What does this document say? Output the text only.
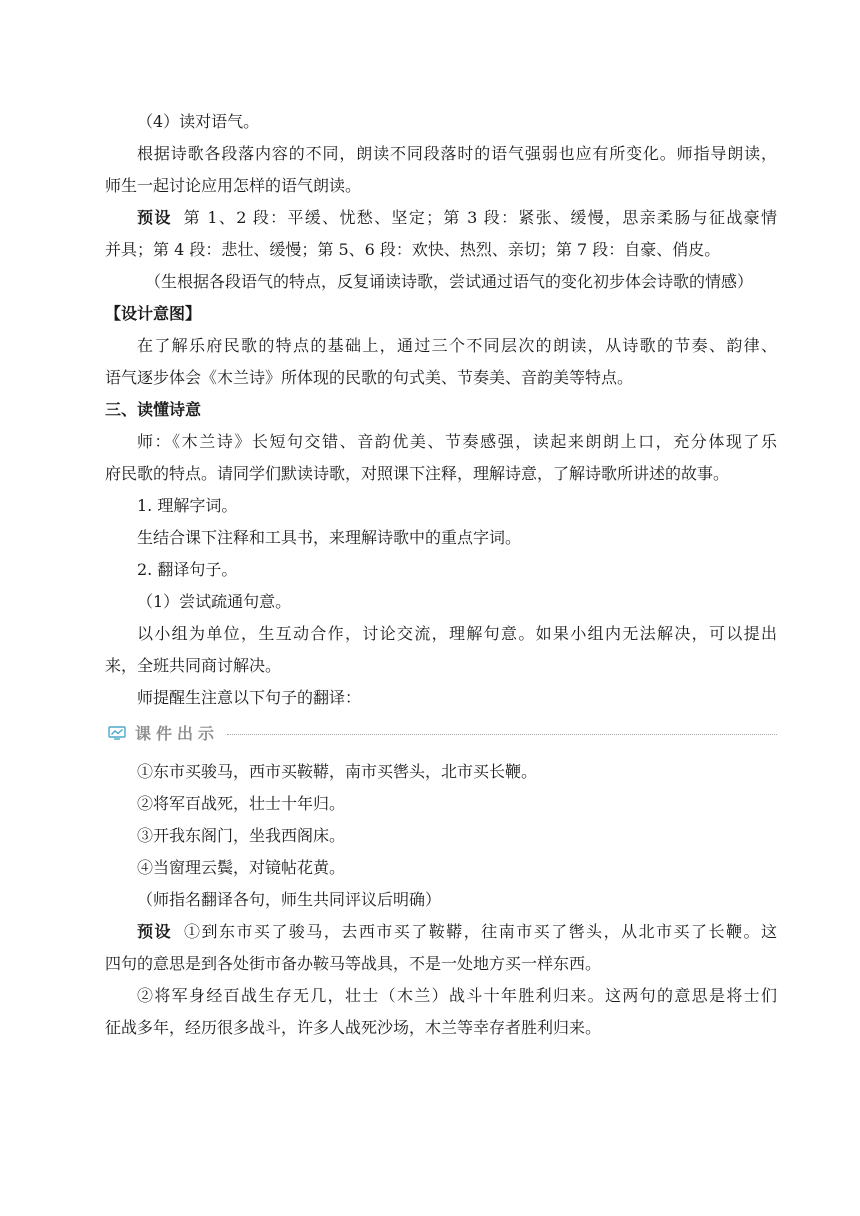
（4）读对语气。
根据诗歌各段落内容的不同，朗读不同段落时的语气强弱也应有所变化。师指导朗读，
师生一起讨论应用怎样的语气朗读。
预设 第 1、2 段：平缓、忧愁、坚定；第 3 段：紧张、缓慢，思亲柔肠与征战豪情
并具；第 4 段：悲壮、缓慢；第 5、6 段：欢快、热烈、亲切；第 7 段：自豪、俏皮。
（生根据各段语气的特点，反复诵读诗歌，尝试通过语气的变化初步体会诗歌的情感）
【设计意图】
在了解乐府民歌的特点的基础上，通过三个不同层次的朗读，从诗歌的节奏、韵律、
语气逐步体会《木兰诗》所体现的民歌的句式美、节奏美、音韵美等特点。
三、读懂诗意
师：《木兰诗》长短句交错、音韵优美、节奏感强，读起来朗朗上口，充分体现了乐
府民歌的特点。请同学们默读诗歌，对照课下注释，理解诗意，了解诗歌所讲述的故事。
1. 理解字词。
生结合课下注释和工具书，来理解诗歌中的重点字词。
2. 翻译句子。
（1）尝试疏通句意。
以小组为单位，生互动合作，讨论交流，理解句意。如果小组内无法解决，可以提出
来，全班共同商讨解决。
师提醒生注意以下句子的翻译：
课件出示
①东市买骏马，西市买鞍鞯，南市买辔头，北市买长鞭。
②将军百战死，壮士十年归。
③开我东阁门，坐我西阁床。
④当窗理云鬓，对镜帖花黄。
（师指名翻译各句，师生共同评议后明确）
预设 ①到东市买了骏马，去西市买了鞍鞯，往南市买了辔头，从北市买了长鞭。这
四句的意思是到各处街市备办鞍马等战具，不是一处地方买一样东西。
②将军身经百战生存无几，壮士（木兰）战斗十年胜利归来。这两句的意思是将士们
征战多年，经历很多战斗，许多人战死沙场，木兰等幸存者胜利归来。
